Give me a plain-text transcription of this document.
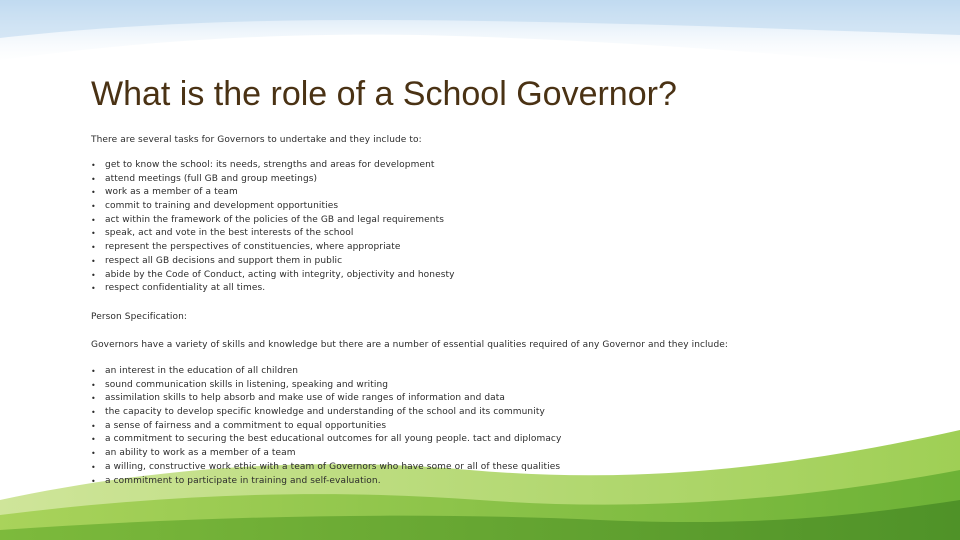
What is the role of a School Governor?

There are several tasks for Governors to undertake and they include to:

•	get to know the school: its needs, strengths and areas for development
•	attend meetings (full GB and group meetings)
•	work as a member of a team
•	commit to training and development opportunities
•	act within the framework of the policies of the GB and legal requirements
•	speak, act and vote in the best interests of the school
•	represent the perspectives of constituencies, where appropriate
•	respect all GB decisions and support them in public
•	abide by the Code of Conduct, acting with integrity, objectivity and honesty
•	respect confidentiality at all times.

Person Specification:

Governors have a variety of skills and knowledge but there are a number of essential qualities required of any Governor and they include:

•	an interest in the education of all children
•	sound communication skills in listening, speaking and writing
•	assimilation skills to help absorb and make use of wide ranges of information and data
•	the capacity to develop specific knowledge and understanding of the school and its community
•	a sense of fairness and a commitment to equal opportunities
•	a commitment to securing the best educational outcomes for all young people. tact and diplomacy
•	an ability to work as a member of a team
•	a willing, constructive work ethic with a team of Governors who have some or all of these qualities
•	a commitment to participate in training and self-evaluation.
